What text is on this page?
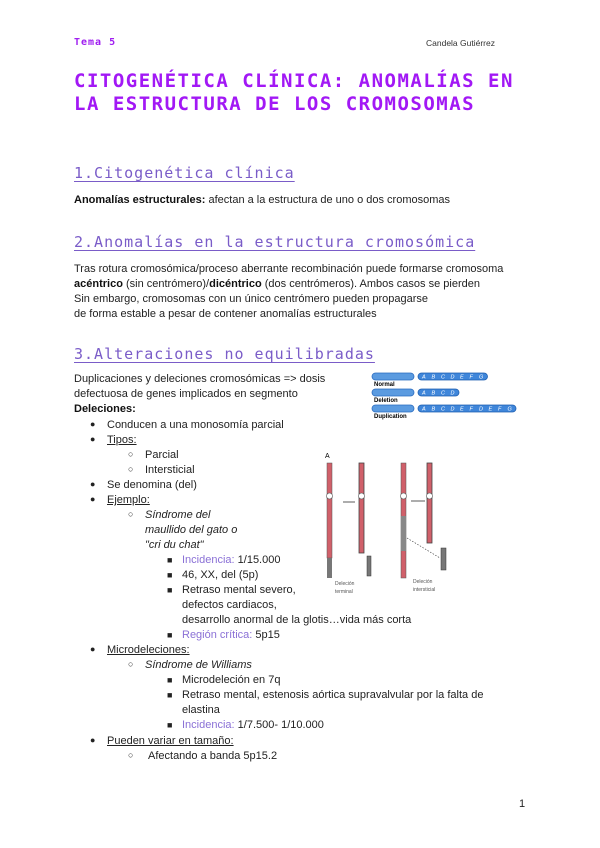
Tema 5	Candela Gutiérrez
CITOGENÉTICA CLÍNICA: ANOMALÍAS EN LA ESTRUCTURA DE LOS CROMOSOMAS
1.Citogenética clínica
Anomalías estructurales: afectan a la estructura de uno o dos cromosomas
2.Anomalías en la estructura cromosómica
Tras rotura cromosómica/proceso aberrante recombinación puede formarse cromosoma
acéntrico (sin centrómero)/dicéntrico (dos centrómeros). Ambos casos se pierden
Sin embargo, cromosomas con un único centrómero pueden propagarse
de forma estable a pesar de contener anomalías estructurales
3.Alteraciones no equilibradas
Duplicaciones y deleciones cromosómicas => dosis
defectuosa de genes implicados en segmento
Deleciones:
● Conducen a una monosomía parcial
● Tipos:
○ Parcial
○ Intersticial
● Se denomina (del)
● Ejemplo:
○ Síndrome del
maullido del gato o
"cri du chat"
■ Incidencia: 1/15.000
■ 46, XX, del (5p)
■ Retraso mental severo,
defectos cardiacos,
desarrollo anormal de la glotis…vida más corta
■ Región crítica: 5p15
● Microdeleciones:
○ Síndrome de Williams
■ Microdeleción en 7q
■ Retraso mental, estenosis aórtica supravalvular por la falta de
elastina
■ Incidencia: 1/7.500- 1/10.000
● Pueden variar en tamaño:
○ Afectando a banda 5p15.2
A B C D E F G
Normal
A B C D
Deletion
A B C D E F D E F G
Duplication
A
Deleción
terminal
Deleción
intersticial
1
